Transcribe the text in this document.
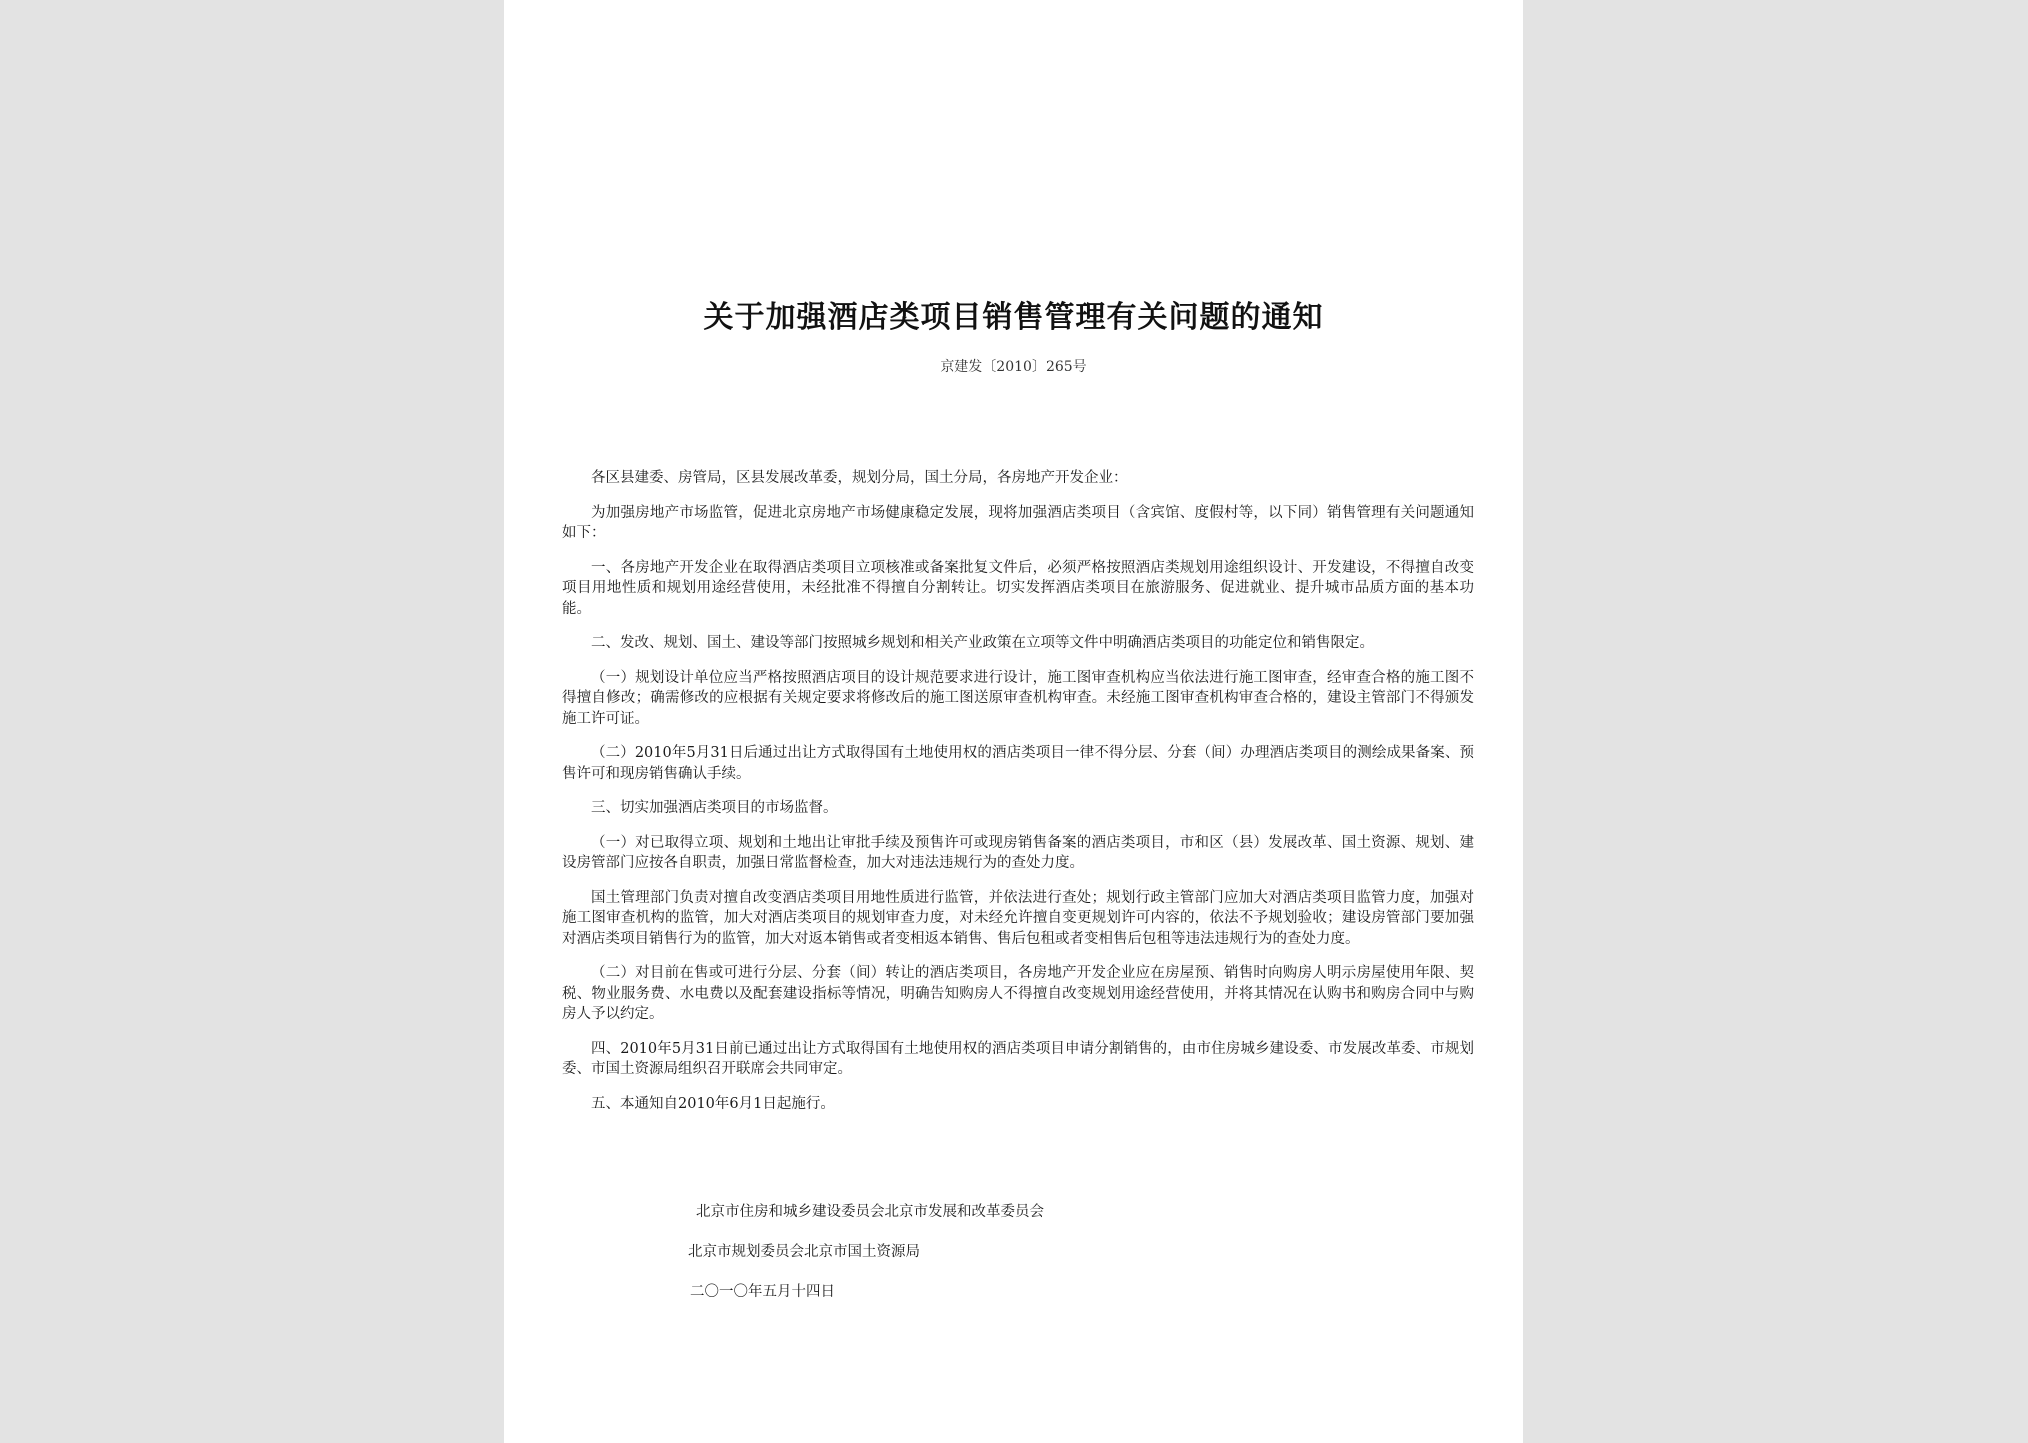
关于加强酒店类项目销售管理有关问题的通知
京建发〔2010〕265号

各区县建委、房管局，区县发展改革委，规划分局，国土分局，各房地产开发企业：

为加强房地产市场监管，促进北京房地产市场健康稳定发展，现将加强酒店类项目（含宾馆、度假村等，以下同）销售管理有关问题通知如下：

一、各房地产开发企业在取得酒店类项目立项核准或备案批复文件后，必须严格按照酒店类规划用途组织设计、开发建设，不得擅自改变项目用地性质和规划用途经营使用，未经批准不得擅自分割转让。切实发挥酒店类项目在旅游服务、促进就业、提升城市品质方面的基本功能。

二、发改、规划、国土、建设等部门按照城乡规划和相关产业政策在立项等文件中明确酒店类项目的功能定位和销售限定。

（一）规划设计单位应当严格按照酒店项目的设计规范要求进行设计，施工图审查机构应当依法进行施工图审查，经审查合格的施工图不得擅自修改；确需修改的应根据有关规定要求将修改后的施工图送原审查机构审查。未经施工图审查机构审查合格的，建设主管部门不得颁发施工许可证。

（二）2010年5月31日后通过出让方式取得国有土地使用权的酒店类项目一律不得分层、分套（间）办理酒店类项目的测绘成果备案、预售许可和现房销售确认手续。

三、切实加强酒店类项目的市场监督。

（一）对已取得立项、规划和土地出让审批手续及预售许可或现房销售备案的酒店类项目，市和区（县）发展改革、国土资源、规划、建设房管部门应按各自职责，加强日常监督检查，加大对违法违规行为的查处力度。

国土管理部门负责对擅自改变酒店类项目用地性质进行监管，并依法进行查处；规划行政主管部门应加大对酒店类项目监管力度，加强对施工图审查机构的监管，加大对酒店类项目的规划审查力度，对未经允许擅自变更规划许可内容的，依法不予规划验收；建设房管部门要加强对酒店类项目销售行为的监管，加大对返本销售或者变相返本销售、售后包租或者变相售后包租等违法违规行为的查处力度。

（二）对目前在售或可进行分层、分套（间）转让的酒店类项目，各房地产开发企业应在房屋预、销售时向购房人明示房屋使用年限、契税、物业服务费、水电费以及配套建设指标等情况，明确告知购房人不得擅自改变规划用途经营使用，并将其情况在认购书和购房合同中与购房人予以约定。

四、2010年5月31日前已通过出让方式取得国有土地使用权的酒店类项目申请分割销售的，由市住房城乡建设委、市发展改革委、市规划委、市国土资源局组织召开联席会共同审定。

五、本通知自2010年6月1日起施行。

北京市住房和城乡建设委员会北京市发展和改革委员会
北京市规划委员会北京市国土资源局
二〇一〇年五月十四日
